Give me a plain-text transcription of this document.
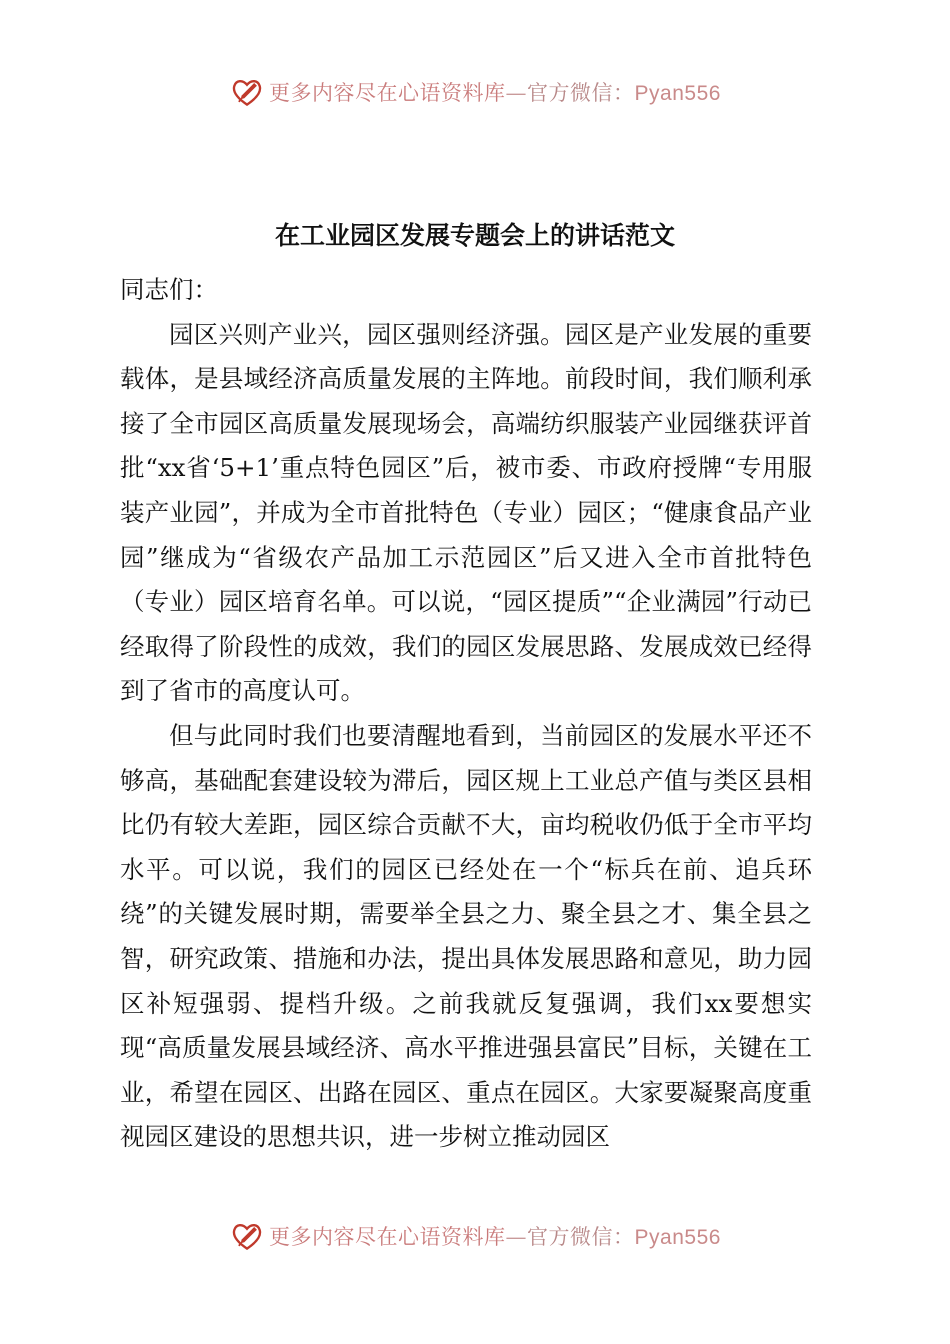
更多内容尽在心语资料库—官方微信：Pyan556
在工业园区发展专题会上的讲话范文

同志们：

园区兴则产业兴，园区强则经济强。园区是产业发展的重要载体，是县域经济高质量发展的主阵地。前段时间，我们顺利承接了全市园区高质量发展现场会，高端纺织服装产业园继获评首批“xx省‘5+1’重点特色园区”后，被市委、市政府授牌“专用服装产业园”，并成为全市首批特色（专业）园区；“健康食品产业园”继成为“省级农产品加工示范园区”后又进入全市首批特色（专业）园区培育名单。可以说，“园区提质”“企业满园”行动已经取得了阶段性的成效，我们的园区发展思路、发展成效已经得到了省市的高度认可。

但与此同时我们也要清醒地看到，当前园区的发展水平还不够高，基础配套建设较为滞后，园区规上工业总产值与类区县相比仍有较大差距，园区综合贡献不大，亩均税收仍低于全市平均水平。可以说，我们的园区已经处在一个“标兵在前、追兵环绕”的关键发展时期，需要举全县之力、聚全县之才、集全县之智，研究政策、措施和办法，提出具体发展思路和意见，助力园区补短强弱、提档升级。之前我就反复强调，我们xx要想实现“高质量发展县域经济、高水平推进强县富民”目标，关键在工业，希望在园区、出路在园区、重点在园区。大家要凝聚高度重视园区建设的思想共识，进一步树立推动园区

更多内容尽在心语资料库—官方微信：Pyan556
